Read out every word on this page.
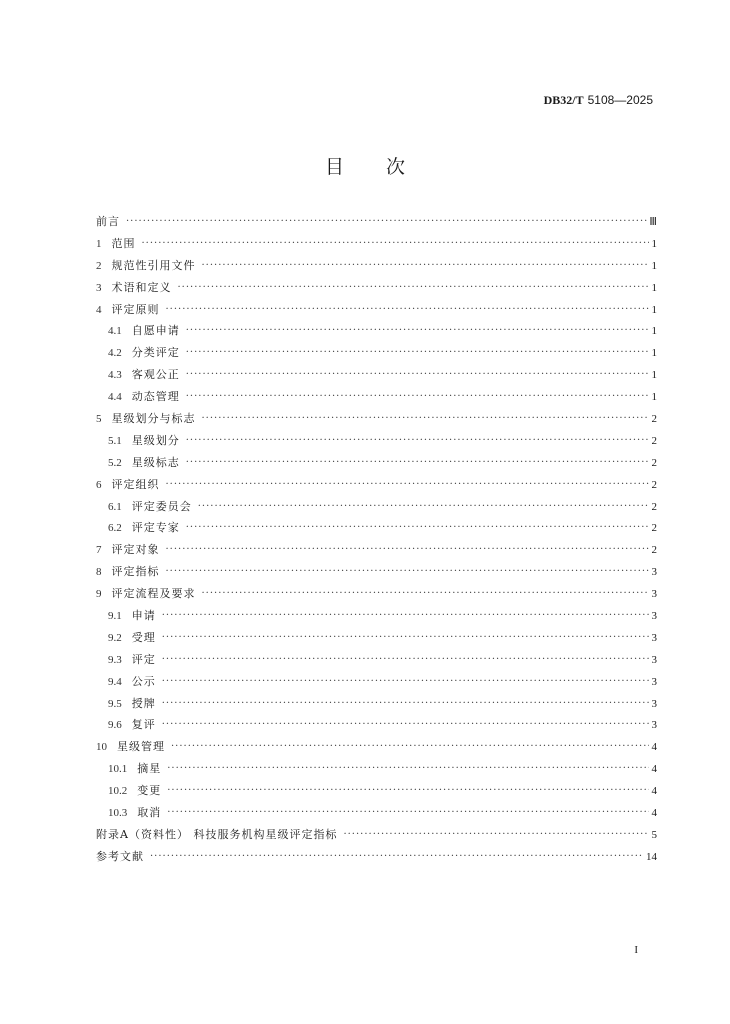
DB32/T 5108—2025
目次
前言 ·····	Ⅲ
1 范围 ·····	1
2 规范性引用文件 ·····	1
3 术语和定义 ·····	1
4 评定原则 ·····	1
4.1 自愿申请 ·····	1
4.2 分类评定 ·····	1
4.3 客观公正 ·····	1
4.4 动态管理 ·····	1
5 星级划分与标志 ·····	2
5.1 星级划分 ·····	2
5.2 星级标志 ·····	2
6 评定组织 ·····	2
6.1 评定委员会 ·····	2
6.2 评定专家 ·····	2
7 评定对象 ·····	2
8 评定指标 ·····	3
9 评定流程及要求 ·····	3
9.1 申请 ·····	3
9.2 受理 ·····	3
9.3 评定 ·····	3
9.4 公示 ·····	3
9.5 授牌 ·····	3
9.6 复评 ·····	3
10 星级管理 ·····	4
10.1 摘星 ·····	4
10.2 变更 ·····	4
10.3 取消 ·····	4
附录A（资料性） 科技服务机构星级评定指标 ·····	5
参考文献 ·····	14
I
